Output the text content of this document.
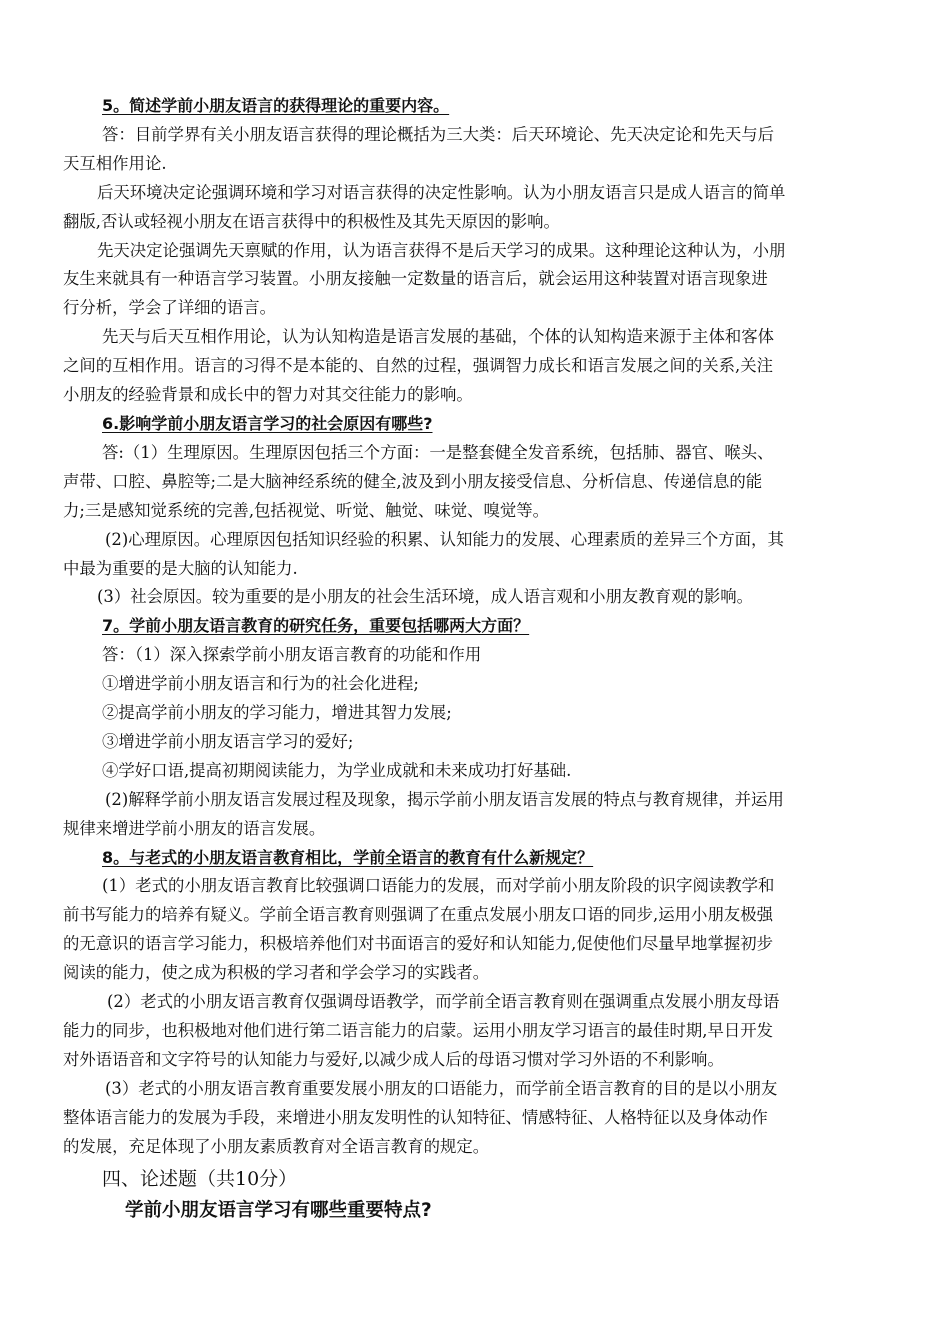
5。简述学前小朋友语言的获得理论的重要内容。
答：目前学界有关小朋友语言获得的理论概括为三大类：后天环境论、先天决定论和先天与后
天互相作用论.
后天环境决定论强调环境和学习对语言获得的决定性影响。认为小朋友语言只是成人语言的简单
翻版,否认或轻视小朋友在语言获得中的积极性及其先天原因的影响。
先天决定论强调先天禀赋的作用，认为语言获得不是后天学习的成果。这种理论这种认为，小朋
友生来就具有一种语言学习装置。小朋友接触一定数量的语言后，就会运用这种装置对语言现象进
行分析，学会了详细的语言。
先天与后天互相作用论，认为认知构造是语言发展的基础，个体的认知构造来源于主体和客体
之间的互相作用。语言的习得不是本能的、自然的过程，强调智力成长和语言发展之间的关系,关注
小朋友的经验背景和成长中的智力对其交往能力的影响。
6.影响学前小朋友语言学习的社会原因有哪些?
答:（1）生理原因。生理原因包括三个方面：一是整套健全发音系统，包括肺、器官、喉头、
声带、口腔、鼻腔等;二是大脑神经系统的健全,波及到小朋友接受信息、分析信息、传递信息的能
力;三是感知觉系统的完善,包括视觉、听觉、触觉、味觉、嗅觉等。
(2)心理原因。心理原因包括知识经验的积累、认知能力的发展、心理素质的差异三个方面，其
中最为重要的是大脑的认知能力.
(3）社会原因。较为重要的是小朋友的社会生活环境，成人语言观和小朋友教育观的影响。
7。学前小朋友语言教育的研究任务，重要包括哪两大方面？
答：（1）深入探索学前小朋友语言教育的功能和作用
①增进学前小朋友语言和行为的社会化进程;
②提高学前小朋友的学习能力，增进其智力发展;
③增进学前小朋友语言学习的爱好;
④学好口语,提高初期阅读能力，为学业成就和未来成功打好基础.
(2)解释学前小朋友语言发展过程及现象，揭示学前小朋友语言发展的特点与教育规律，并运用
规律来增进学前小朋友的语言发展。
8。与老式的小朋友语言教育相比，学前全语言的教育有什么新规定？
(1）老式的小朋友语言教育比较强调口语能力的发展，而对学前小朋友阶段的识字阅读教学和
前书写能力的培养有疑义。学前全语言教育则强调了在重点发展小朋友口语的同步,运用小朋友极强
的无意识的语言学习能力，积极培养他们对书面语言的爱好和认知能力,促使他们尽量早地掌握初步
阅读的能力，使之成为积极的学习者和学会学习的实践者。
(2）老式的小朋友语言教育仅强调母语教学，而学前全语言教育则在强调重点发展小朋友母语
能力的同步，也积极地对他们进行第二语言能力的启蒙。运用小朋友学习语言的最佳时期,早日开发
对外语语音和文字符号的认知能力与爱好,以减少成人后的母语习惯对学习外语的不利影响。
(3）老式的小朋友语言教育重要发展小朋友的口语能力，而学前全语言教育的目的是以小朋友
整体语言能力的发展为手段，来增进小朋友发明性的认知特征、情感特征、人格特征以及身体动作
的发展，充足体现了小朋友素质教育对全语言教育的规定。
四、论述题（共10分）
学前小朋友语言学习有哪些重要特点?
